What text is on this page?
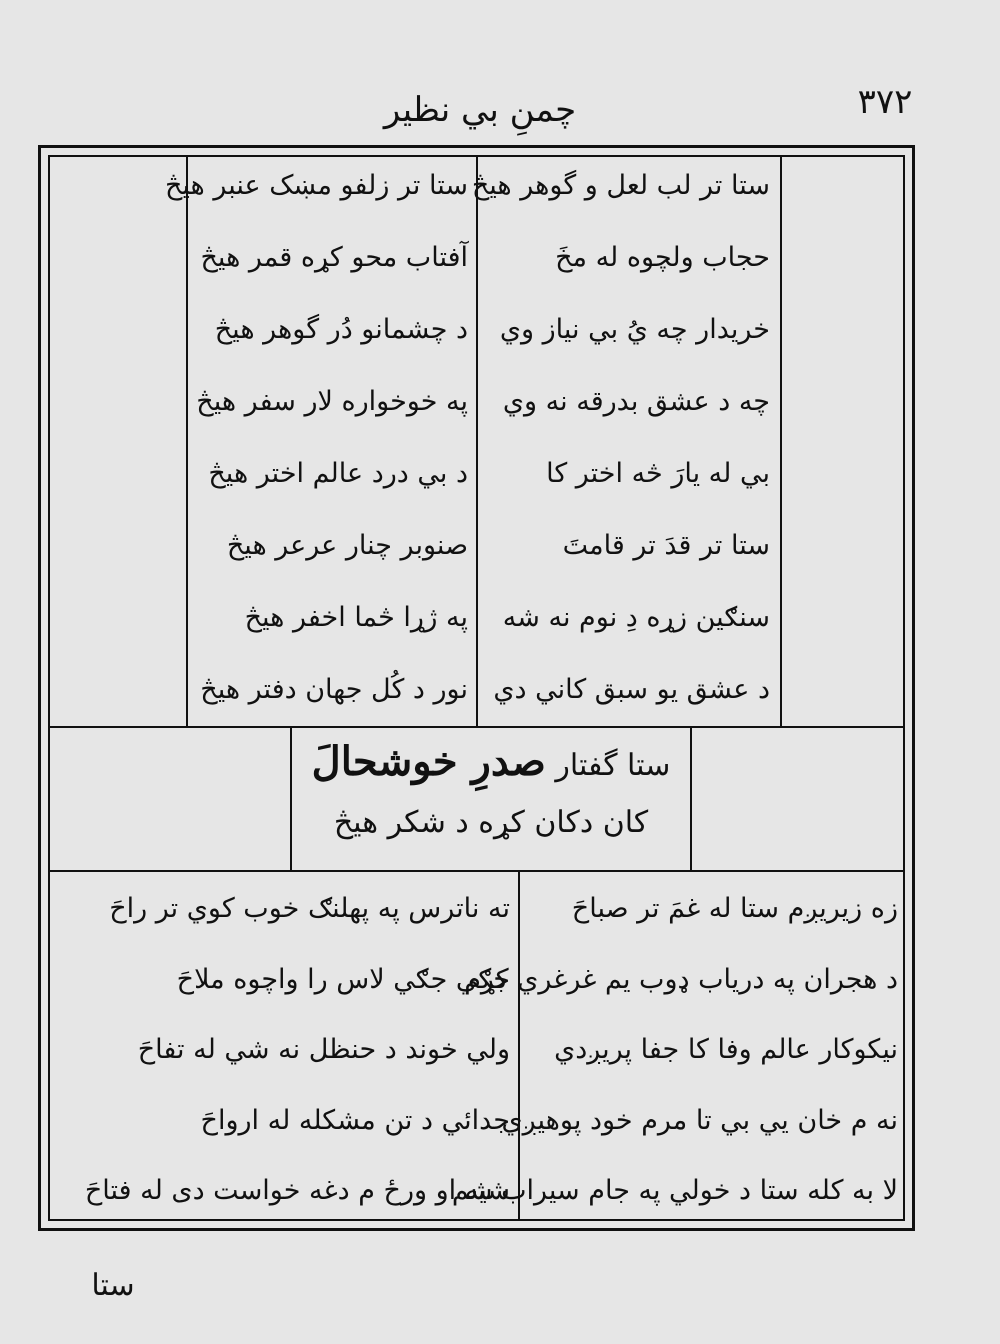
چمنِ بي نظير	٣٧٢
ستا تر لب لعل و گوهر هيڅ
حجاب ولچوه له مخَ
خريدار چه يُ بي نياز وي
چه د عشق بدرقه نه وي
بي له يارَ څه اختر کا
ستا تر قدَ تر قامتَ
سنګين زړه دِ نوم نه شه
د عشق يو سبق کاني دي
ستا تر زلفو مښک عنبر هيڅ
آفتاب محو کړه قمر هيڅ
د چشمانو دُر گوهر هيڅ
په خوخواره لار سفر هيڅ
د بي درد عالم اختر هيڅ
صنوبر چنار عرعر هيڅ
په ژړا څما اخفر هيڅ
نور د کُل جهان دفتر هيڅ
ستا گفتار صدرِ خوشحالَ
کان دکان کړه د شکر هيڅ
زه زيريږم ستا له غمَ تر صباحَ
د هجران په درياب ډوب يم غرغري کړم
نيکوکار عالم وفا کا جفا پريږدي
نه م خان يي بي تا مرم خود پوهيږي
لا به کله ستا د خولي په جام سيراب شم
ته ناترس په پهلنګ خوب کوي تر راحَ
جګي جګي لاس را واچوه ملاحَ
ولي خوند د حنظل نه شي له تفاحَ
جدائي د تن مشکله له ارواحَ
شيه او ورځ م دغه خواست دی له فتاحَ
ستا
